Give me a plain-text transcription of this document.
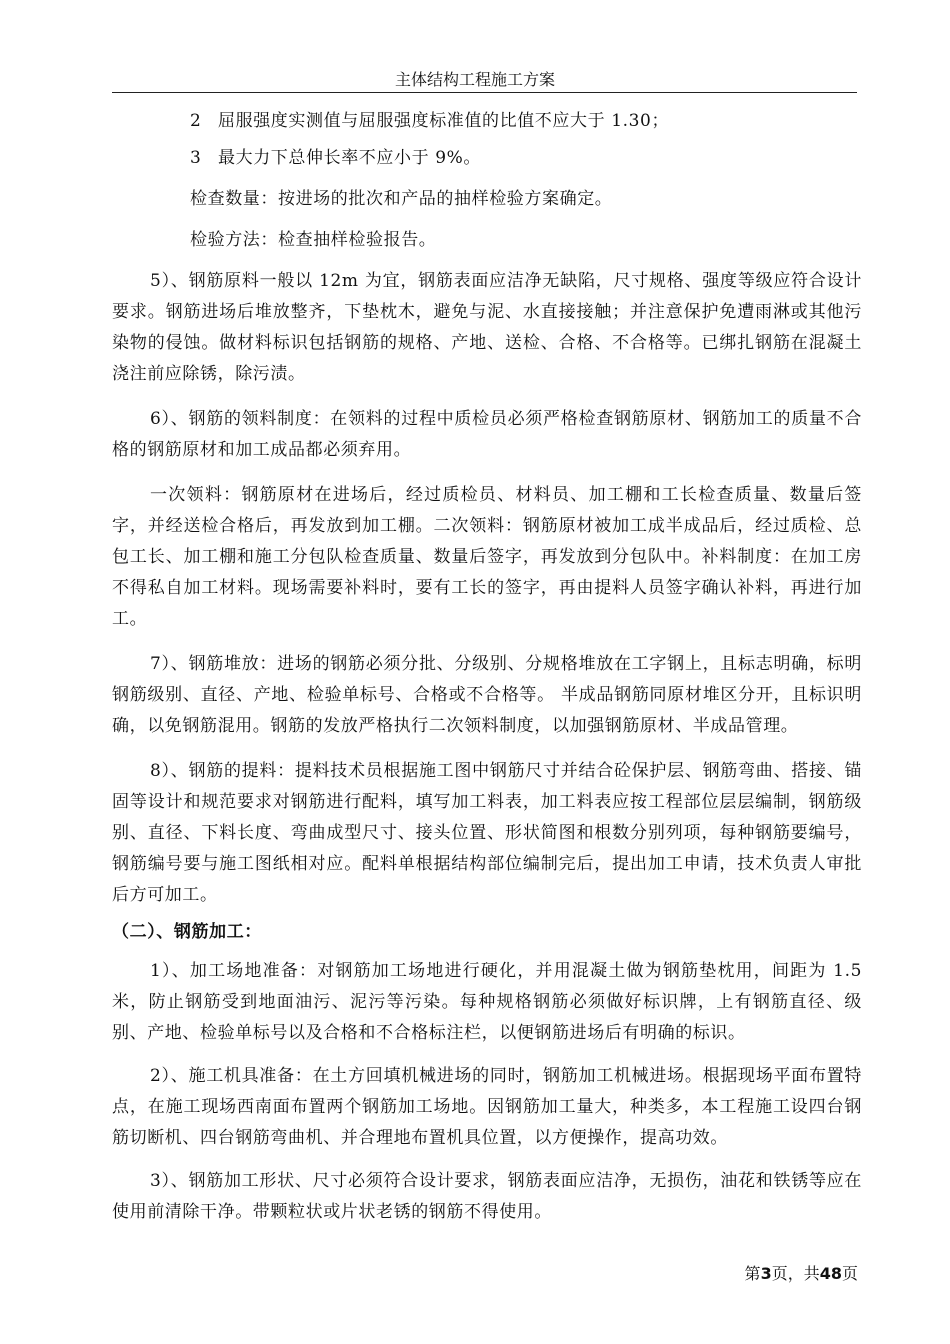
主体结构工程施工方案
2 屈服强度实测值与屈服强度标准值的比值不应大于 1.30；
3 最大力下总伸长率不应小于 9%。
检查数量：按进场的批次和产品的抽样检验方案确定。
检验方法：检查抽样检验报告。
5）、钢筋原料一般以 12m 为宜，钢筋表面应洁净无缺陷，尺寸规格、强度等级应符合设计要求。钢筋进场后堆放整齐，下垫枕木，避免与泥、水直接接触；并注意保护免遭雨淋或其他污染物的侵蚀。做材料标识包括钢筋的规格、产地、送检、合格、不合格等。已绑扎钢筋在混凝土浇注前应除锈，除污渍。
6）、钢筋的领料制度：在领料的过程中质检员必须严格检查钢筋原材、钢筋加工的质量不合格的钢筋原材和加工成品都必须弃用。
一次领料：钢筋原材在进场后，经过质检员、材料员、加工棚和工长检查质量、数量后签字，并经送检合格后，再发放到加工棚。二次领料：钢筋原材被加工成半成品后，经过质检、总包工长、加工棚和施工分包队检查质量、数量后签字，再发放到分包队中。补料制度：在加工房不得私自加工材料。现场需要补料时，要有工长的签字，再由提料人员签字确认补料，再进行加工。
7）、钢筋堆放：进场的钢筋必须分批、分级别、分规格堆放在工字钢上，且标志明确，标明钢筋级别、直径、产地、检验单标号、合格或不合格等。 半成品钢筋同原材堆区分开，且标识明确，以免钢筋混用。钢筋的发放严格执行二次领料制度，以加强钢筋原材、半成品管理。
8）、钢筋的提料：提料技术员根据施工图中钢筋尺寸并结合砼保护层、钢筋弯曲、搭接、锚固等设计和规范要求对钢筋进行配料，填写加工料表，加工料表应按工程部位层层编制，钢筋级别、直径、下料长度、弯曲成型尺寸、接头位置、形状简图和根数分别列项，每种钢筋要编号，钢筋编号要与施工图纸相对应。配料单根据结构部位编制完后，提出加工申请，技术负责人审批后方可加工。
（二）、钢筋加工：
1）、加工场地准备：对钢筋加工场地进行硬化，并用混凝土做为钢筋垫枕用，间距为 1.5 米，防止钢筋受到地面油污、泥污等污染。每种规格钢筋必须做好标识牌，上有钢筋直径、级别、产地、检验单标号以及合格和不合格标注栏，以便钢筋进场后有明确的标识。
2）、施工机具准备：在土方回填机械进场的同时，钢筋加工机械进场。根据现场平面布置特点，在施工现场西南面布置两个钢筋加工场地。因钢筋加工量大，种类多，本工程施工设四台钢筋切断机、四台钢筋弯曲机、并合理地布置机具位置，以方便操作，提高功效。
3）、钢筋加工形状、尺寸必须符合设计要求，钢筋表面应洁净，无损伤，油花和铁锈等应在使用前清除干净。带颗粒状或片状老锈的钢筋不得使用。
第3页，共48页
